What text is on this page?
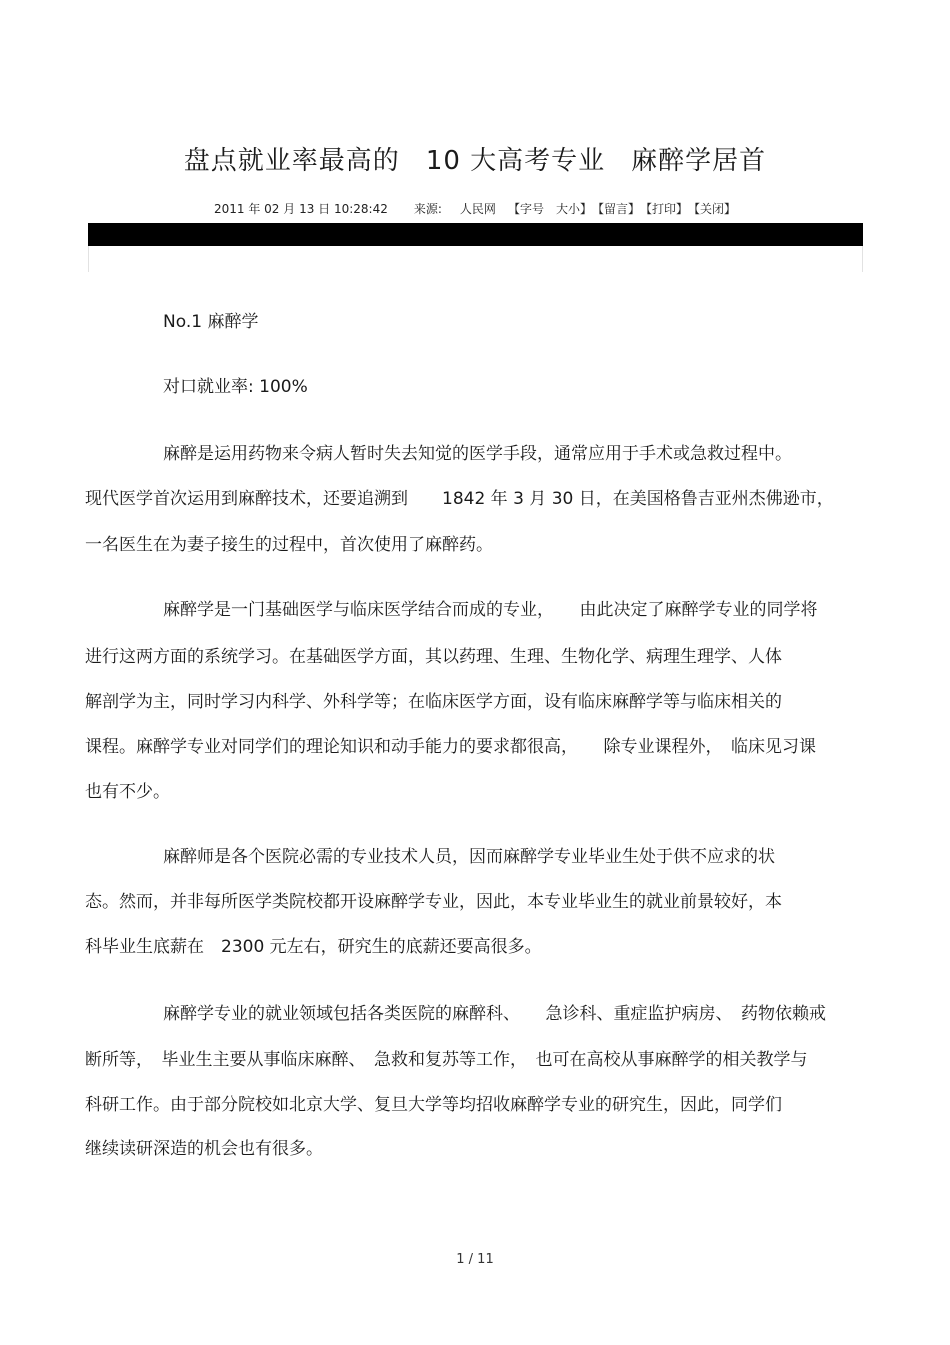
盘点就业率最高的 10 大高考专业 麻醉学居首
2011 年 02 月 13 日 10:28:42 来源: 人民网 【字号　大小】【留言】【打印】【关闭】
No.1 麻醉学
对口就业率: 100%
麻醉是运用药物来令病人暂时失去知觉的医学手段，通常应用于手术或急救过程中。
现代医学首次运用到麻醉技术，还要追溯到　　1842 年 3 月 30 日，在美国格鲁吉亚州杰佛逊市，
一名医生在为妻子接生的过程中，首次使用了麻醉药。
麻醉学是一门基础医学与临床医学结合而成的专业，　　由此决定了麻醉学专业的同学将
进行这两方面的系统学习。在基础医学方面，其以药理、生理、生物化学、病理生理学、人体
解剖学为主，同时学习内科学、外科学等；在临床医学方面，设有临床麻醉学等与临床相关的
课程。麻醉学专业对同学们的理论知识和动手能力的要求都很高，　　除专业课程外，　临床见习课
也有不少。
麻醉师是各个医院必需的专业技术人员，因而麻醉学专业毕业生处于供不应求的状
态。然而，并非每所医学类院校都开设麻醉学专业，因此，本专业毕业生的就业前景较好，本
科毕业生底薪在　2300 元左右，研究生的底薪还要高很多。
麻醉学专业的就业领域包括各类医院的麻醉科、　　急诊科、重症监护病房、　药物依赖戒
断所等，　毕业生主要从事临床麻醉、　急救和复苏等工作，　也可在高校从事麻醉学的相关教学与
科研工作。由于部分院校如北京大学、复旦大学等均招收麻醉学专业的研究生，因此，同学们
继续读研深造的机会也有很多。
1 / 11
